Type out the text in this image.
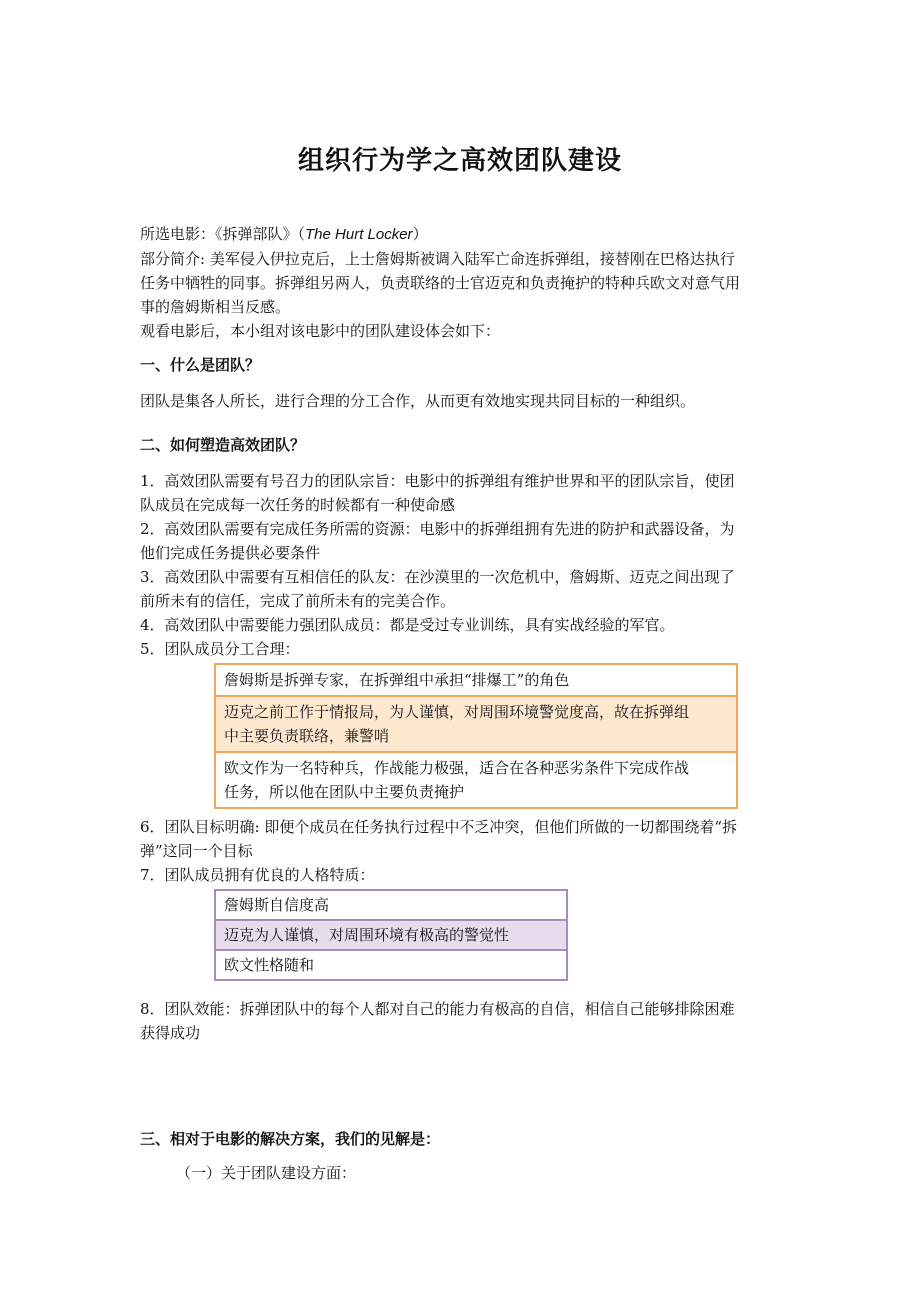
组织行为学之高效团队建设

所选电影：《拆弹部队》（The Hurt Locker）

部分简介: 美军侵入伊拉克后，上士詹姆斯被调入陆军亡命连拆弹组，接替刚在巴格达执行

任务中牺牲的同事。拆弹组另两人，负责联络的士官迈克和负责掩护的特种兵欧文对意气用

事的詹姆斯相当反感。

观看电影后，本小组对该电影中的团队建设体会如下：

一、什么是团队？

团队是集各人所长，进行合理的分工合作，从而更有效地实现共同目标的一种组织。

二、如何塑造高效团队？

1．高效团队需要有号召力的团队宗旨：电影中的拆弹组有维护世界和平的团队宗旨，使团

队成员在完成每一次任务的时候都有一种使命感

2．高效团队需要有完成任务所需的资源：电影中的拆弹组拥有先进的防护和武器设备，为

他们完成任务提供必要条件

3．高效团队中需要有互相信任的队友：在沙漠里的一次危机中，詹姆斯、迈克之间出现了

前所未有的信任，完成了前所未有的完美合作。

4．高效团队中需要能力强团队成员：都是受过专业训练，具有实战经验的军官。

5．团队成员分工合理：

詹姆斯是拆弹专家，在拆弹组中承担“排爆工”的角色

迈克之前工作于情报局，为人谨慎，对周围环境警觉度高，故在拆弹组
中主要负责联络，兼警哨

欧文作为一名特种兵，作战能力极强，适合在各种恶劣条件下完成作战
任务，所以他在团队中主要负责掩护

6．团队目标明确: 即便个成员在任务执行过程中不乏冲突，但他们所做的一切都围绕着“拆

弹”这同一个目标

7．团队成员拥有优良的人格特质：

詹姆斯自信度高
迈克为人谨慎，对周围环境有极高的警觉性
欧文性格随和

8．团队效能：拆弹团队中的每个人都对自己的能力有极高的自信，相信自己能够排除困难

获得成功

三、相对于电影的解决方案，我们的见解是：

（一）关于团队建设方面：
